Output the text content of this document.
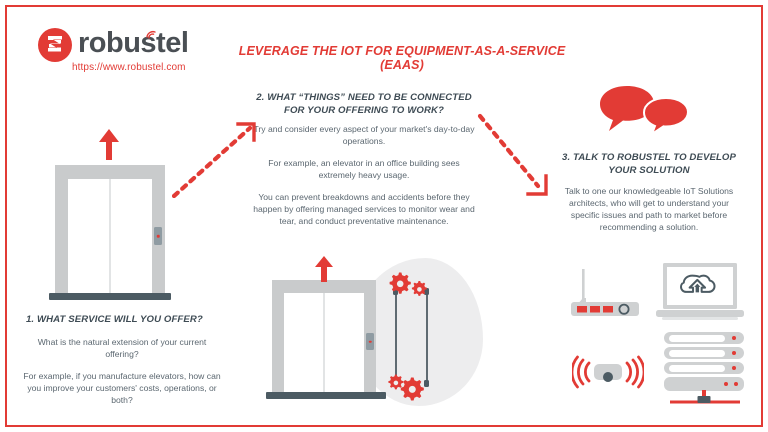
robustel
https://www.robustel.com
LEVERAGE THE IOT FOR EQUIPMENT-AS-A-SERVICE (EAAS)
1. WHAT SERVICE WILL YOU OFFER?

What is the natural extension of your current offering?

For example, if you manufacture elevators, how can you improve your customers' costs, operations, or both?

2. WHAT “THINGS” NEED TO BE CONNECTED FOR YOUR OFFERING TO WORK?

Try and consider every aspect of your market's day-to-day operations.

For example, an elevator in an office building sees extremely heavy usage.

You can prevent breakdowns and accidents before they happen by offering managed services to monitor wear and tear, and conduct preventative maintenance.

3. TALK TO ROBUSTEL TO DEVELOP YOUR SOLUTION

Talk to one our knowledgeable IoT Solutions architects, who will get to understand your specific issues and path to market before recommending a solution.
